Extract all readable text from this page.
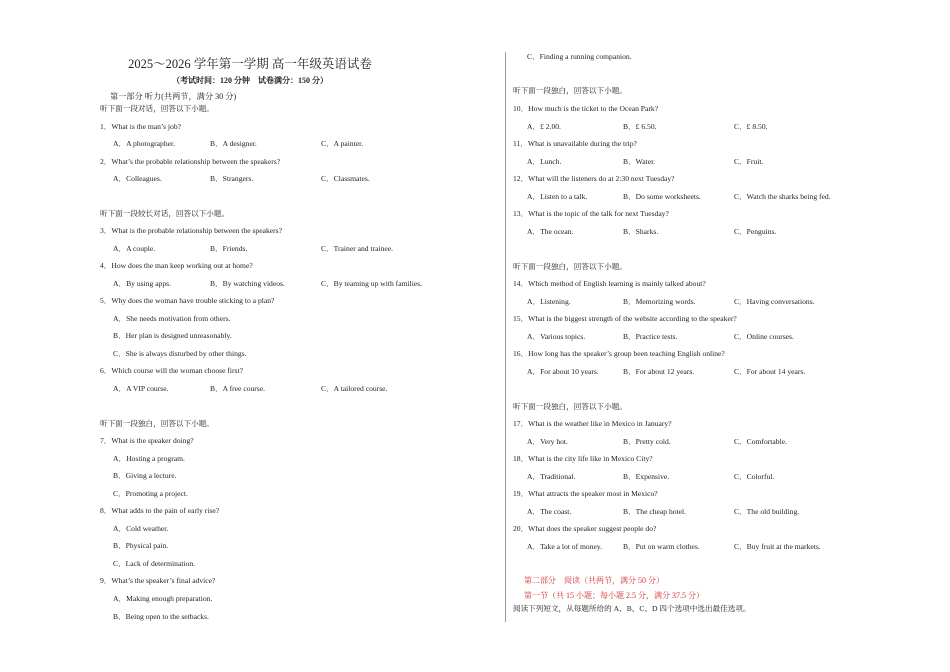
2025～2026 学年第一学期 高一年级英语试卷
（考试时间：120 分钟　试卷满分：150 分）
第一部分 听力(共两节，满分 30 分)
听下面一段对话，回答以下小题。
1．What is the man’s job?
A．A photographer.	B．A designer.	C．A painter.
2．What’s the probable relationship between the speakers?
A．Colleagues.	B．Strangers.	C．Classmates.
听下面一段较长对话，回答以下小题。
3．What is the probable relationship between the speakers?
A．A couple.	B．Friends.	C．Trainer and trainee.
4．How does the man keep working out at home?
A．By using apps.	B．By watching videos.	C．By teaming up with families.
5．Why does the woman have trouble sticking to a plan?
A．She needs motivation from others.
B．Her plan is designed unreasonably.
C．She is always disturbed by other things.
6．Which course will the woman choose first?
A．A VIP course.	B．A free course.	C．A tailored course.
听下面一段独白，回答以下小题。
7．What is the speaker doing?
A．Hosting a program.
B．Giving a lecture.
C．Promoting a project.
8．What adds to the pain of early rise?
A．Cold weather.
B．Physical pain.
C．Lack of determination.
9．What’s the speaker’s final advice?
A．Making enough preparation.
B．Being open to the setbacks.
C．Finding a running companion.
听下面一段独白，回答以下小题。
10．How much is the ticket to the Ocean Park?
A．£ 2.00.	B．£ 6.50.	C．£ 8.50.
11．What is unavailable during the trip?
A．Lunch.	B．Water.	C．Fruit.
12．What will the listeners do at 2:30 next Tuesday?
A．Listen to a talk.	B．Do some worksheets.	C．Watch the sharks being fed.
13．What is the topic of the talk for next Tuesday?
A．The ocean.	B．Sharks.	C．Penguins.
听下面一段独白，回答以下小题。
14．Which method of English learning is mainly talked about?
A．Listening.	B．Memorizing words.	C．Having conversations.
15．What is the biggest strength of the website according to the speaker?
A．Various topics.	B．Practice tests.	C．Online courses.
16．How long has the speaker’s group been teaching English online?
A．For about 10 years.	B．For about 12 years.	C．For about 14 years.
听下面一段独白，回答以下小题。
17．What is the weather like in Mexico in January?
A．Very hot.	B．Pretty cold.	C．Comfortable.
18．What is the city life like in Mexico City?
A．Traditional.	B．Expensive.	C．Colorful.
19．What attracts the speaker most in Mexico?
A．The coast.	B．The cheap hotel.	C．The old building.
20．What does the speaker suggest people do?
A．Take a lot of money.	B．Put on warm clothes.	C．Buy fruit at the markets.
第二部分　阅读（共两节，满分 50 分）
第一节（共 15 小题；每小题 2.5 分，满分 37.5 分）
阅读下列短文，从每题所给的 A、B、C、D 四个选项中选出最佳选项。
